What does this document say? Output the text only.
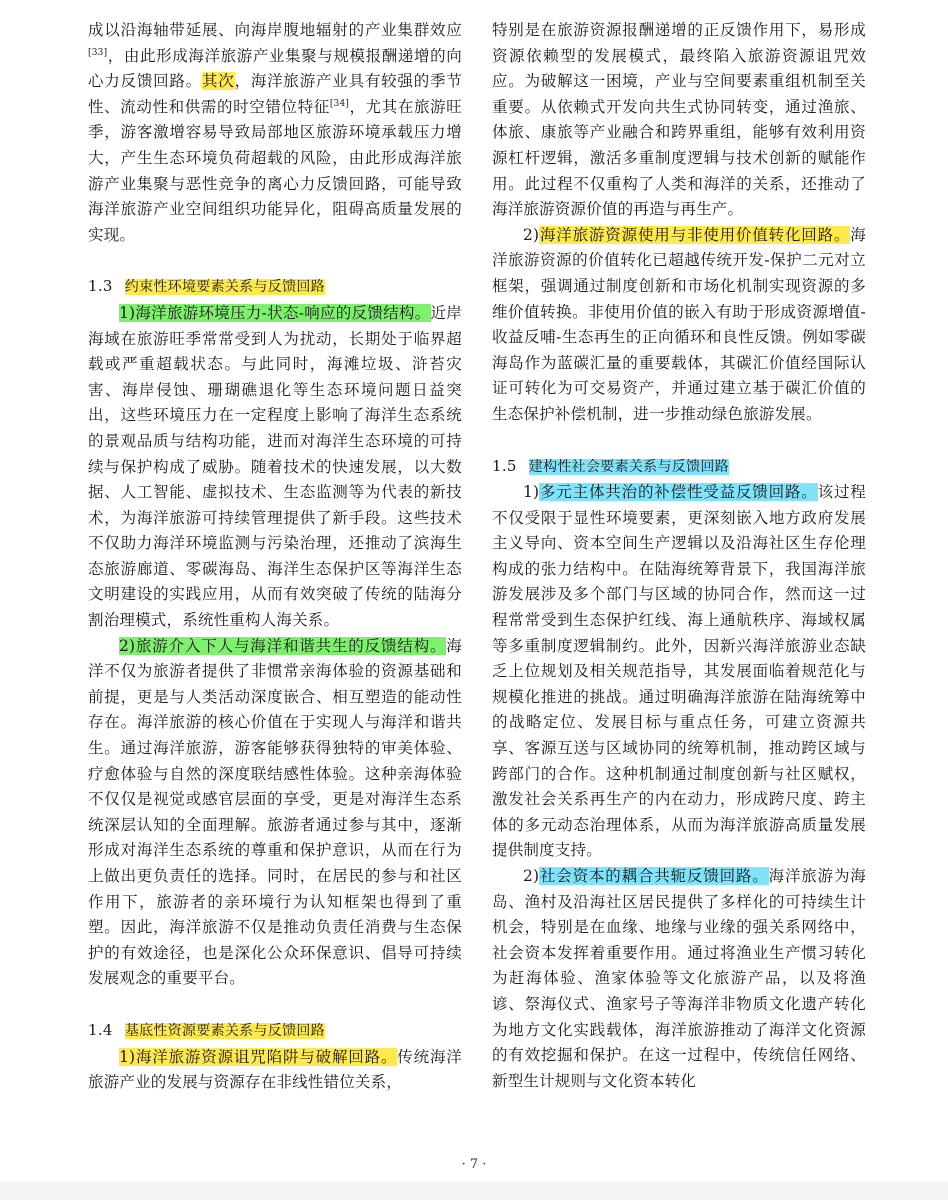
成以沿海轴带延展、向海岸腹地辐射的产业集群效应[33]，由此形成海洋旅游产业集聚与规模报酬递增的向心力反馈回路。其次，海洋旅游产业具有较强的季节性、流动性和供需的时空错位特征[34]，尤其在旅游旺季，游客激增容易导致局部地区旅游环境承载压力增大，产生生态环境负荷超载的风险，由此形成海洋旅游产业集聚与恶性竞争的离心力反馈回路，可能导致海洋旅游产业空间组织功能异化，阻碍高质量发展的实现。

1.3 约束性环境要素关系与反馈回路

1)海洋旅游环境压力-状态-响应的反馈结构。近岸海域在旅游旺季常常受到人为扰动，长期处于临界超载或严重超载状态。与此同时，海滩垃圾、浒苔灾害、海岸侵蚀、珊瑚礁退化等生态环境问题日益突出，这些环境压力在一定程度上影响了海洋生态系统的景观品质与结构功能，进而对海洋生态环境的可持续与保护构成了威胁。随着技术的快速发展，以大数据、人工智能、虚拟技术、生态监测等为代表的新技术，为海洋旅游可持续管理提供了新手段。这些技术不仅助力海洋环境监测与污染治理，还推动了滨海生态旅游廊道、零碳海岛、海洋生态保护区等海洋生态文明建设的实践应用，从而有效突破了传统的陆海分割治理模式，系统性重构人海关系。

2)旅游介入下人与海洋和谐共生的反馈结构。海洋不仅为旅游者提供了非惯常亲海体验的资源基础和前提，更是与人类活动深度嵌合、相互塑造的能动性存在。海洋旅游的核心价值在于实现人与海洋和谐共生。通过海洋旅游，游客能够获得独特的审美体验、疗愈体验与自然的深度联结感性体验。这种亲海体验不仅仅是视觉或感官层面的享受，更是对海洋生态系统深层认知的全面理解。旅游者通过参与其中，逐渐形成对海洋生态系统的尊重和保护意识，从而在行为上做出更负责任的选择。同时，在居民的参与和社区作用下，旅游者的亲环境行为认知框架也得到了重塑。因此，海洋旅游不仅是推动负责任消费与生态保护的有效途径，也是深化公众环保意识、倡导可持续发展观念的重要平台。

1.4 基底性资源要素关系与反馈回路

1)海洋旅游资源诅咒陷阱与破解回路。传统海洋旅游产业的发展与资源存在非线性错位关系，

特别是在旅游资源报酬递增的正反馈作用下，易形成资源依赖型的发展模式，最终陷入旅游资源诅咒效应。为破解这一困境，产业与空间要素重组机制至关重要。从依赖式开发向共生式协同转变，通过渔旅、体旅、康旅等产业融合和跨界重组，能够有效利用资源杠杆逻辑，激活多重制度逻辑与技术创新的赋能作用。此过程不仅重构了人类和海洋的关系，还推动了海洋旅游资源价值的再造与再生产。

2)海洋旅游资源使用与非使用价值转化回路。海洋旅游资源的价值转化已超越传统开发-保护二元对立框架，强调通过制度创新和市场化机制实现资源的多维价值转换。非使用价值的嵌入有助于形成资源增值-收益反哺-生态再生的正向循环和良性反馈。例如零碳海岛作为蓝碳汇量的重要载体，其碳汇价值经国际认证可转化为可交易资产，并通过建立基于碳汇价值的生态保护补偿机制，进一步推动绿色旅游发展。

1.5 建构性社会要素关系与反馈回路

1)多元主体共治的补偿性受益反馈回路。该过程不仅受限于显性环境要素，更深刻嵌入地方政府发展主义导向、资本空间生产逻辑以及沿海社区生存伦理构成的张力结构中。在陆海统筹背景下，我国海洋旅游发展涉及多个部门与区域的协同合作，然而这一过程常常受到生态保护红线、海上通航秩序、海域权属等多重制度逻辑制约。此外，因新兴海洋旅游业态缺乏上位规划及相关规范指导，其发展面临着规范化与规模化推进的挑战。通过明确海洋旅游在陆海统筹中的战略定位、发展目标与重点任务，可建立资源共享、客源互送与区域协同的统筹机制，推动跨区域与跨部门的合作。这种机制通过制度创新与社区赋权，激发社会关系再生产的内在动力，形成跨尺度、跨主体的多元动态治理体系，从而为海洋旅游高质量发展提供制度支持。

2)社会资本的耦合共轭反馈回路。海洋旅游为海岛、渔村及沿海社区居民提供了多样化的可持续生计机会，特别是在血缘、地缘与业缘的强关系网络中，社会资本发挥着重要作用。通过将渔业生产惯习转化为赶海体验、渔家体验等文化旅游产品，以及将渔谚、祭海仪式、渔家号子等海洋非物质文化遗产转化为地方文化实践载体，海洋旅游推动了海洋文化资源的有效挖掘和保护。在这一过程中，传统信任网络、新型生计规则与文化资本转化

· 7 ·
